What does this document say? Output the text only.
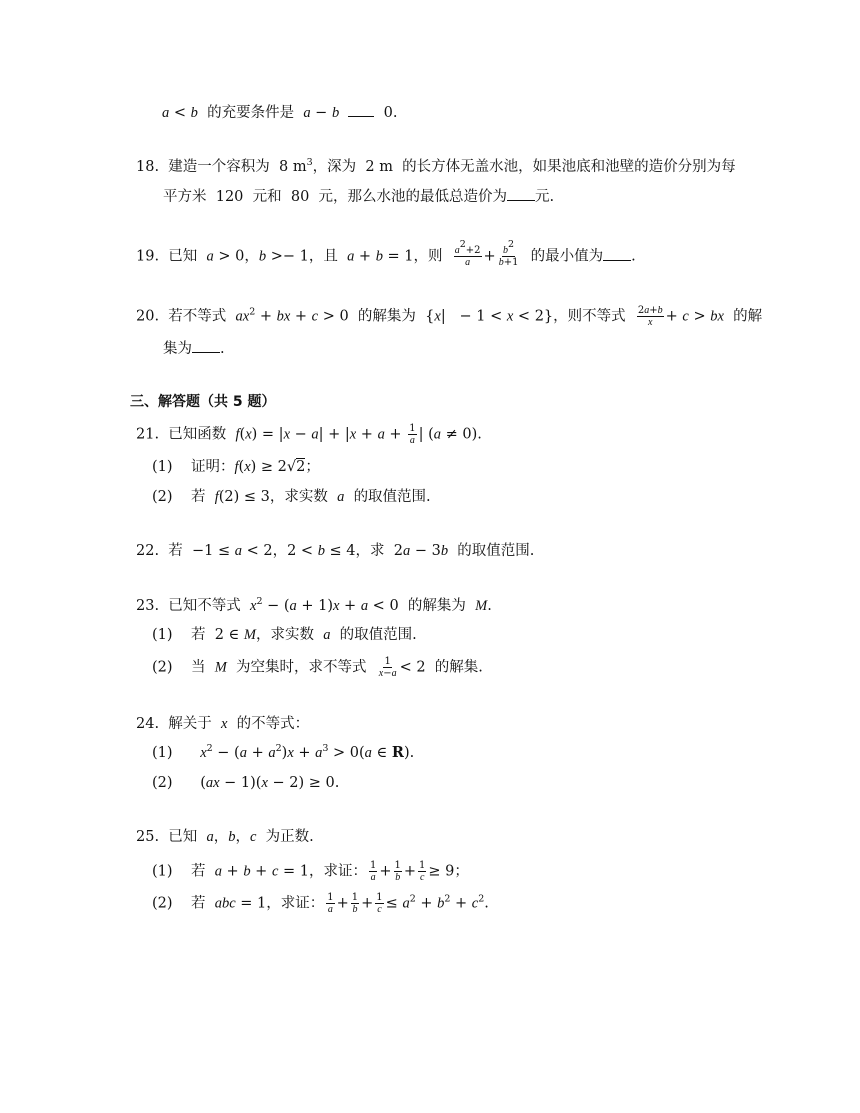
a < b 的充要条件是 a − b    0.
18. 建造一个容积为  8 $m^3$，深为  2 m  的长方体无盖水池，如果池底和池壁的造价分别为每
平方米  120  元和  80  元，那么水池的最低总造价为 元.
19. 已知 a > 0，b >− 1，且 a + b = 1，则 $\frac{a^2+2}{a} + \frac{b^2}{b+1}$ 的最小值为 .
20. 若不等式 $ax^2$ + bx + c > 0  的解集为  {x|   − 1 < x < 2}，则不等式 $\frac{2a+b}{x} + c$ > bx 的解
集为 .
三、解答题（共 5 题）
21. 已知函数 $f(x) = |x - a| + |x + a + \frac{1}{a}$ | (a ≠ 0).
(1) 证明：f(x) ≥ 2√2；
(2) 若 f(2) ≤ 3，求实数 a 的取值范围.
22. 若  −1 ≤ a < 2，2 < b ≤ 4，求  2a − 3b 的取值范围.
23. 已知不等式 $x^2 - (a + 1)x + a < 0$  的解集为 M.
(1) 若  2 ∈ M，求实数 a 的取值范围.
(2) 当 M 为空集时，求不等式 $\frac{1}{x-a} < 2$  的解集.
24. 解关于 x 的不等式：
(1) $x^2 - (a + a^2)x + a^3 > 0(a$ ∈ R).
(2)      (ax − 1)(x − 2) ≥ 0.
25. 已知 a，b，c 为正数.
(1) 若 a + b + c = 1，求证： $\frac{1}{a} + \frac{1}{b} + \frac{1}{c} \ge 9$；
(2) 若 abc = 1，求证： $\frac{1}{a} + \frac{1}{b} + \frac{1}{c} \le a^2 + b^2 + c^2$.
